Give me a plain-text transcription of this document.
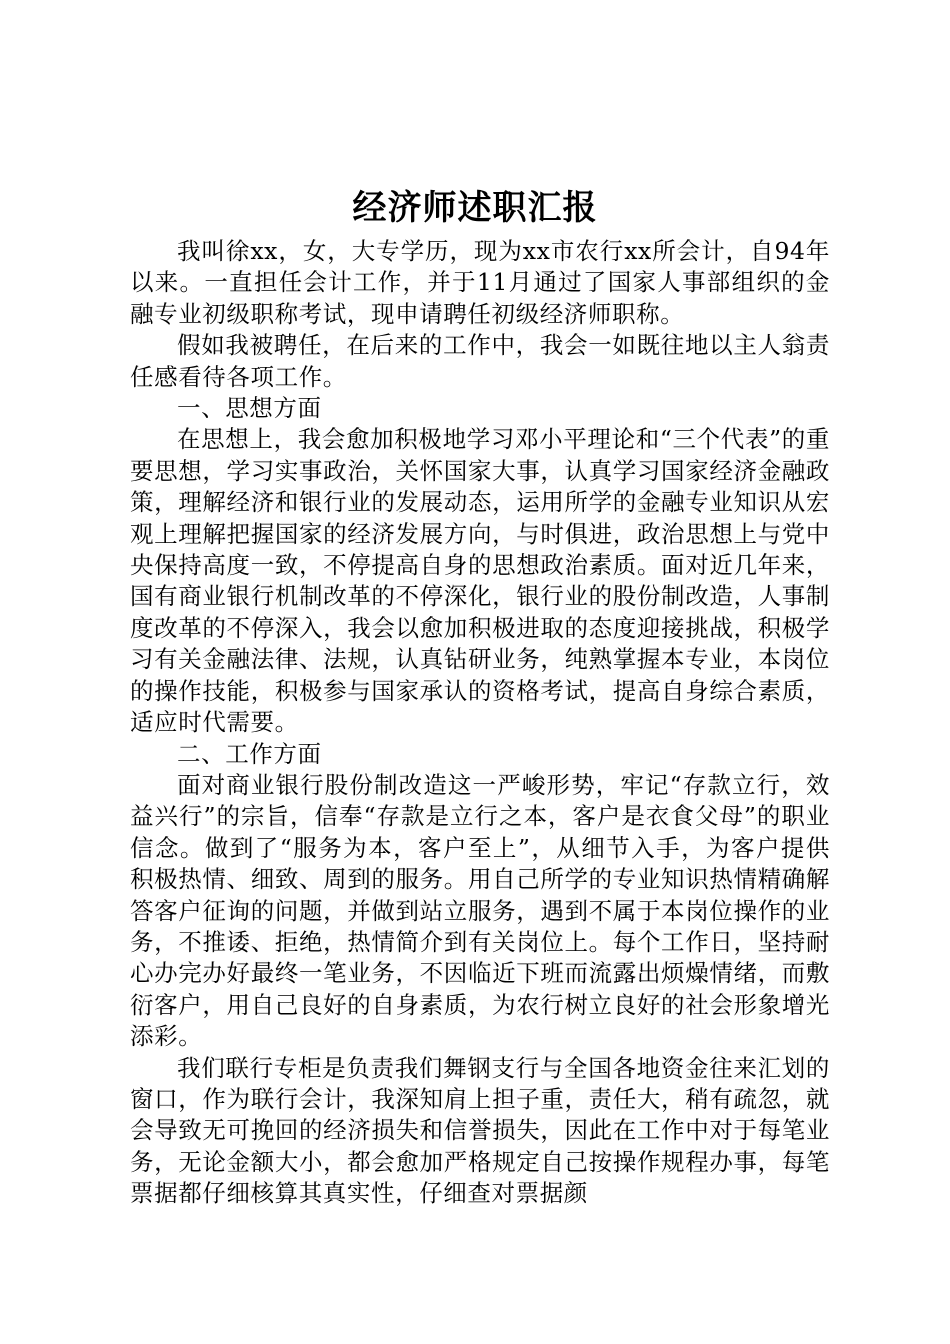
经济师述职汇报

我叫徐xx，女，大专学历，现为xx市农行xx所会计，自94年以来。一直担任会计工作，并于11月通过了国家人事部组织的金融专业初级职称考试，现申请聘任初级经济师职称。

假如我被聘任，在后来的工作中，我会一如既往地以主人翁责任感看待各项工作。

一、思想方面

在思想上，我会愈加积极地学习邓小平理论和“三个代表”的重要思想，学习实事政治，关怀国家大事，认真学习国家经济金融政策，理解经济和银行业的发展动态，运用所学的金融专业知识从宏观上理解把握国家的经济发展方向，与时俱进，政治思想上与党中央保持高度一致，不停提高自身的思想政治素质。面对近几年来，国有商业银行机制改革的不停深化，银行业的股份制改造，人事制度改革的不停深入，我会以愈加积极进取的态度迎接挑战，积极学习有关金融法律、法规，认真钻研业务，纯熟掌握本专业，本岗位的操作技能，积极参与国家承认的资格考试，提高自身综合素质，适应时代需要。

二、工作方面

面对商业银行股份制改造这一严峻形势，牢记“存款立行，效益兴行”的宗旨，信奉“存款是立行之本，客户是衣食父母”的职业信念。做到了“服务为本，客户至上”，从细节入手，为客户提供积极热情、细致、周到的服务。用自己所学的专业知识热情精确解答客户征询的问题，并做到站立服务，遇到不属于本岗位操作的业务，不推诿、拒绝，热情简介到有关岗位上。每个工作日，坚持耐心办完办好最终一笔业务，不因临近下班而流露出烦燥情绪，而敷衍客户，用自己良好的自身素质，为农行树立良好的社会形象增光添彩。

我们联行专柜是负责我们舞钢支行与全国各地资金往来汇划的窗口，作为联行会计，我深知肩上担子重，责任大，稍有疏忽，就会导致无可挽回的经济损失和信誉损失，因此在工作中对于每笔业务，无论金额大小，都会愈加严格规定自己按操作规程办事，每笔票据都仔细核算其真实性，仔细查对票据颜
